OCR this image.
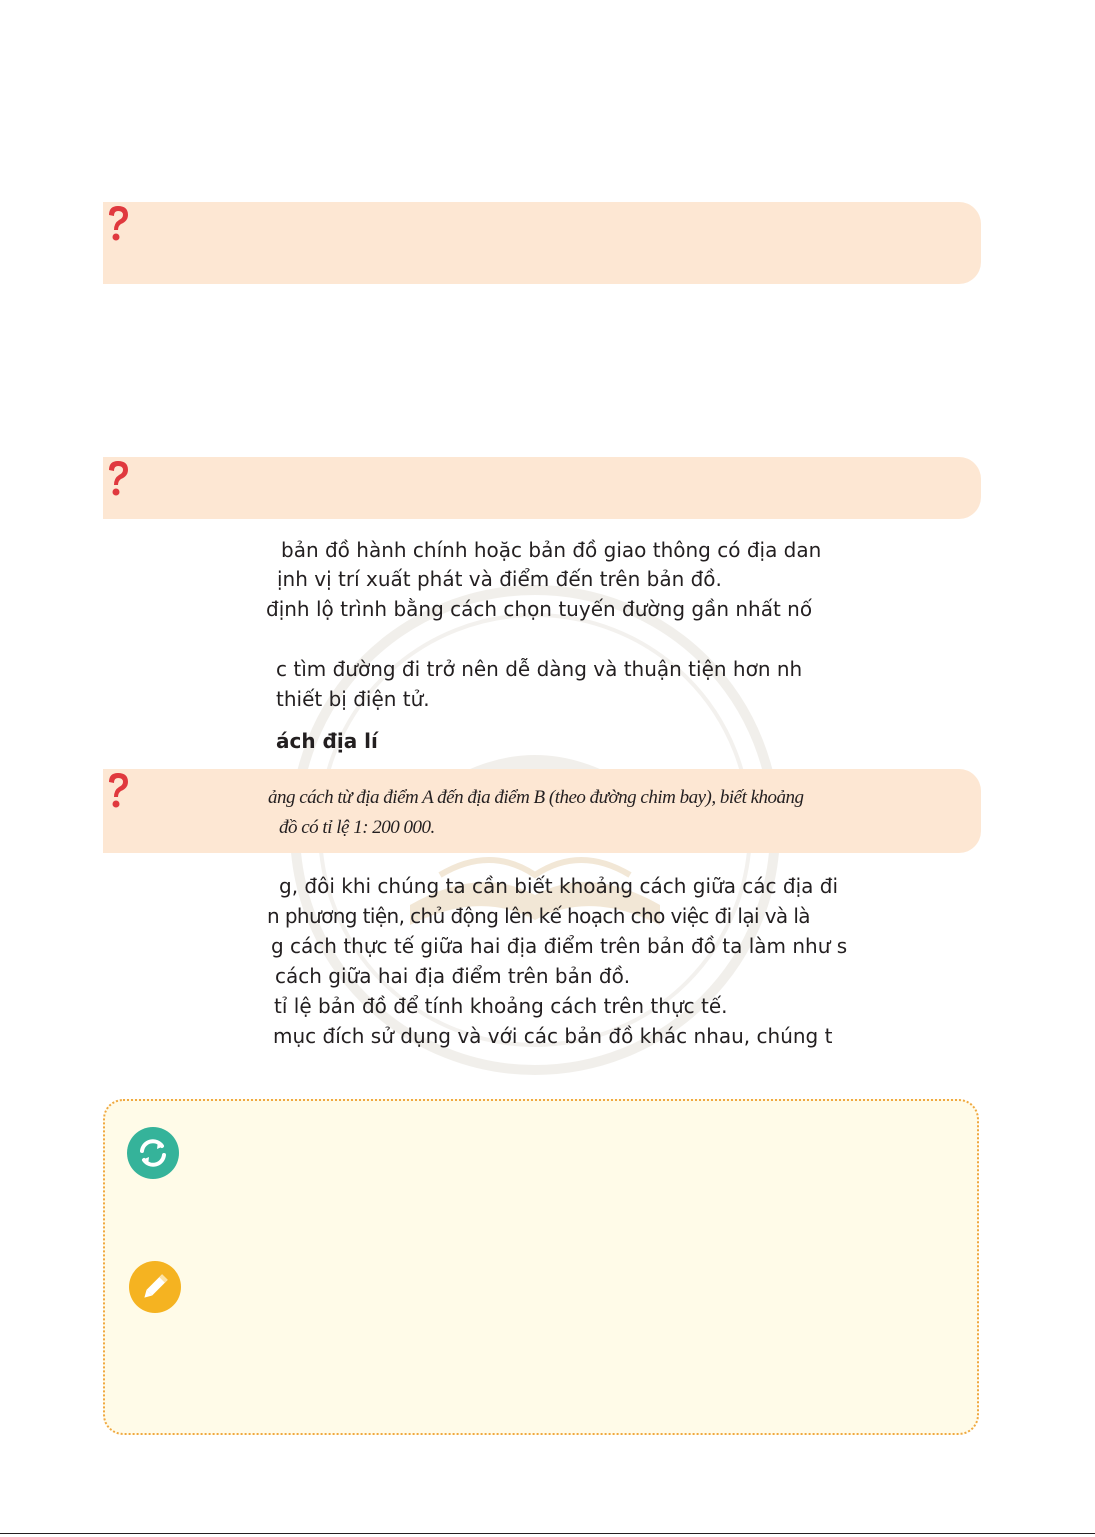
bản đồ hành chính hoặc bản đồ giao thông có địa dan
ịnh vị trí xuất phát và điểm đến trên bản đồ.
định lộ trình bằng cách chọn tuyến đường gần nhất nố
c tìm đường đi trở nên dễ dàng và thuận tiện hơn nh
thiết bị điện tử.
ách địa lí
ảng cách từ địa điểm A đến địa điểm B (theo đường chim bay), biết khoảng
đồ có tỉ lệ 1: 200 000.
g, đôi khi chúng ta cần biết khoảng cách giữa các địa đi
n phương tiện, chủ động lên kế hoạch cho việc đi lại và là
g cách thực tế giữa hai địa điểm trên bản đồ ta làm như s
cách giữa hai địa điểm trên bản đồ.
tỉ lệ bản đồ để tính khoảng cách trên thực tế.
mục đích sử dụng và với các bản đồ khác nhau, chúng t
